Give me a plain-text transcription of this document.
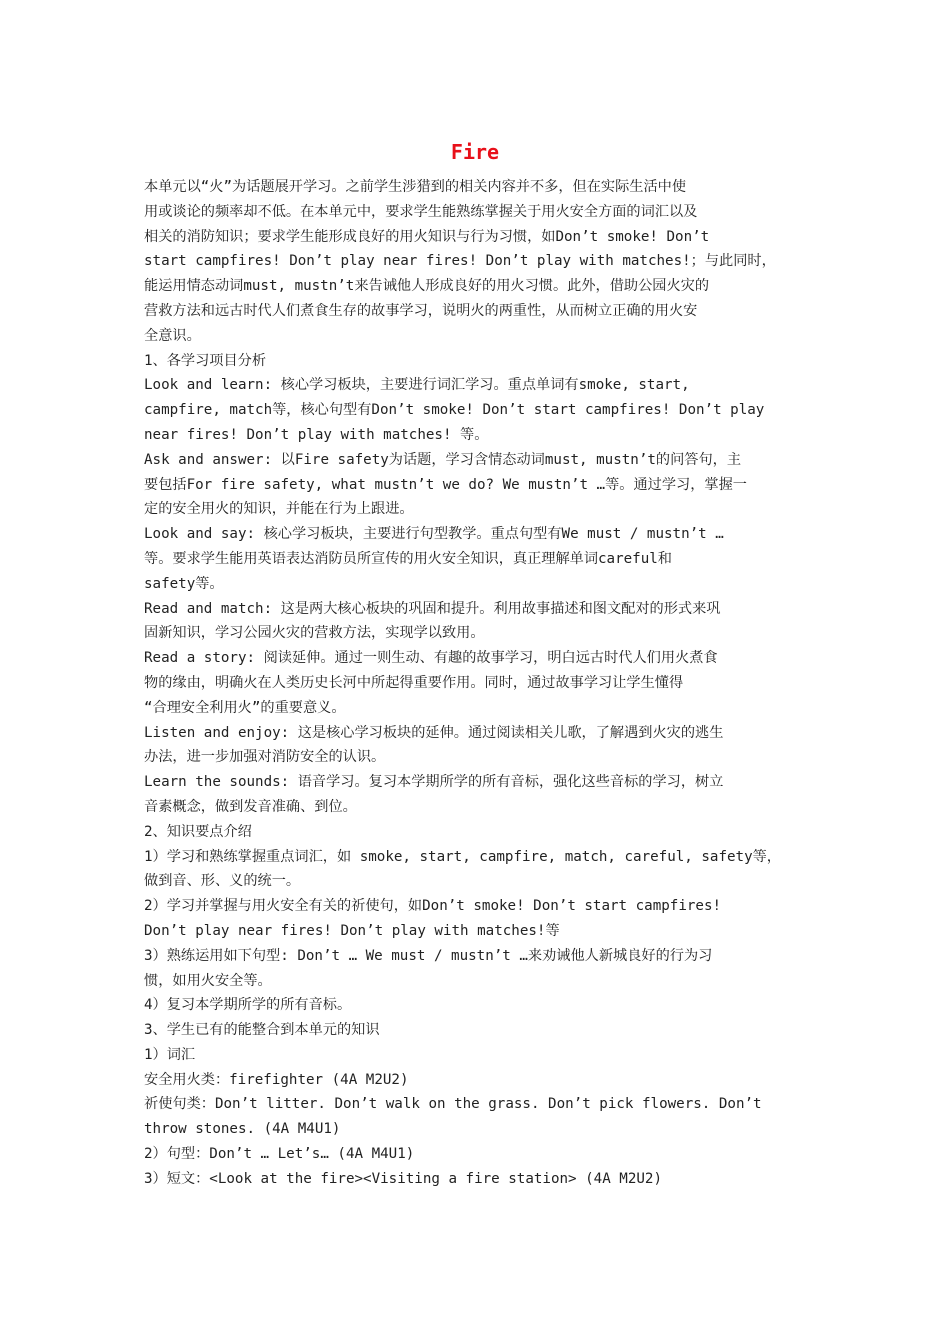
Fire
本单元以“火”为话题展开学习。之前学生涉猎到的相关内容并不多，但在实际生活中使
用或谈论的频率却不低。在本单元中，要求学生能熟练掌握关于用火安全方面的词汇以及
相关的消防知识；要求学生能形成良好的用火知识与行为习惯，如Don’t smoke! Don’t
start campfires! Don’t play near fires! Don’t play with matches!；与此同时，
能运用情态动词must, mustn’t来告诫他人形成良好的用火习惯。此外，借助公园火灾的
营救方法和远古时代人们煮食生存的故事学习，说明火的两重性，从而树立正确的用火安
全意识。
1、各学习项目分析
Look and learn: 核心学习板块，主要进行词汇学习。重点单词有smoke, start,
campfire, match等，核心句型有Don’t smoke! Don’t start campfires! Don’t play
near fires! Don’t play with matches! 等。
Ask and answer: 以Fire safety为话题，学习含情态动词must, mustn’t的问答句，主
要包括For fire safety, what mustn’t we do? We mustn’t …等。通过学习，掌握一
定的安全用火的知识，并能在行为上跟进。
Look and say: 核心学习板块，主要进行句型教学。重点句型有We must / mustn’t …
等。要求学生能用英语表达消防员所宣传的用火安全知识，真正理解单词careful和
safety等。
Read and match: 这是两大核心板块的巩固和提升。利用故事描述和图文配对的形式来巩
固新知识，学习公园火灾的营救方法，实现学以致用。
Read a story: 阅读延伸。通过一则生动、有趣的故事学习，明白远古时代人们用火煮食
物的缘由，明确火在人类历史长河中所起得重要作用。同时，通过故事学习让学生懂得
“合理安全利用火”的重要意义。
Listen and enjoy: 这是核心学习板块的延伸。通过阅读相关儿歌，了解遇到火灾的逃生
办法，进一步加强对消防安全的认识。
Learn the sounds: 语音学习。复习本学期所学的所有音标，强化这些音标的学习，树立
音素概念，做到发音准确、到位。
2、知识要点介绍
1）学习和熟练掌握重点词汇，如 smoke, start, campfire, match, careful, safety等，
做到音、形、义的统一。
2）学习并掌握与用火安全有关的祈使句，如Don’t smoke! Don’t start campfires!
Don’t play near fires! Don’t play with matches!等
3）熟练运用如下句型: Don’t … We must / mustn’t …来劝诫他人新城良好的行为习
惯，如用火安全等。
4）复习本学期所学的所有音标。
3、学生已有的能整合到本单元的知识
1）词汇
安全用火类：firefighter (4A M2U2)
祈使句类：Don’t litter. Don’t walk on the grass. Don’t pick flowers. Don’t
throw stones. (4A M4U1)
2）句型：Don’t … Let’s… (4A M4U1)
3）短文：<Look at the fire><Visiting a fire station> (4A M2U2)
